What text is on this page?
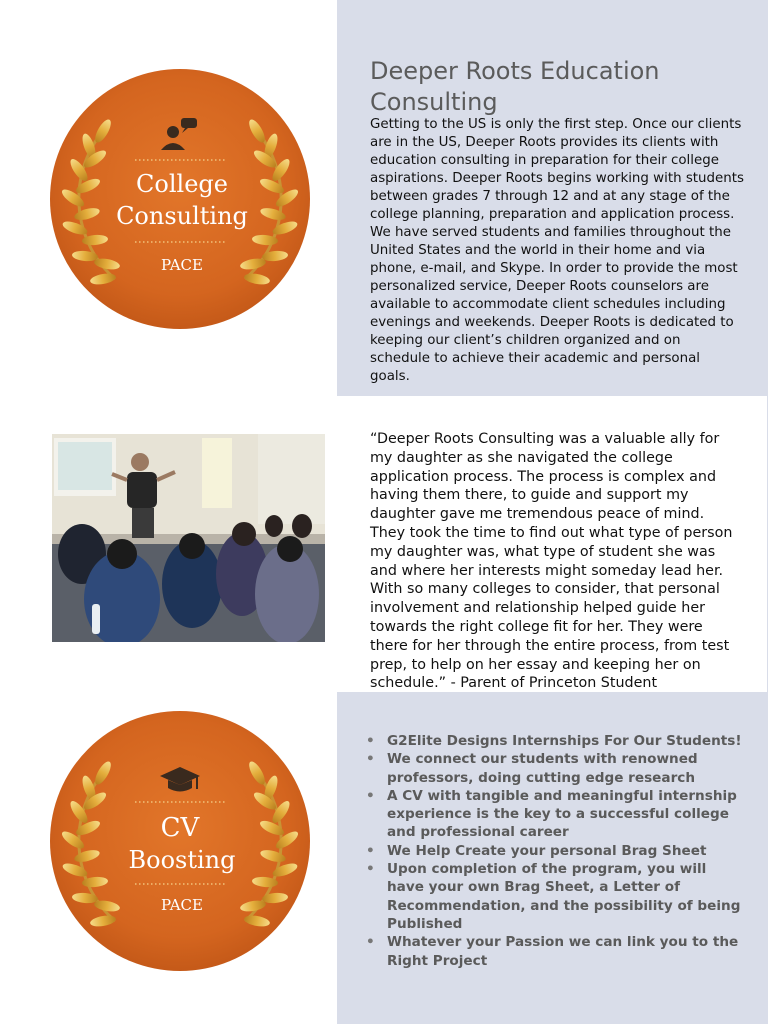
College
Consulting
PACE
Deeper Roots Education Consulting
Getting to the US is only the first step. Once our clients are in the US, Deeper Roots provides its clients with education consulting in preparation for their college aspirations. Deeper Roots begins working with students between grades 7 through 12 and at any stage of the college planning, preparation and application process. We have served students and families throughout the United States and the world in their home and via phone, e-mail, and Skype. In order to provide the most personalized service, Deeper Roots counselors are available to accommodate client schedules including evenings and weekends. Deeper Roots is dedicated to keeping our client’s children organized and on schedule to achieve their academic and personal goals.
“Deeper Roots Consulting was a valuable ally for my daughter as she navigated the college application process. The process is complex and having them there, to guide and support my daughter gave me tremendous peace of mind. They took the time to find out what type of person my daughter was, what type of student she was and where her interests might someday lead her. With so many colleges to consider, that personal involvement and relationship helped guide her towards the right college fit for her. They were there for her through the entire process, from test prep, to help on her essay and keeping her on schedule.” - Parent of Princeton Student
CV
Boosting
PACE
• G2Elite Designs Internships For Our Students!
• We connect our students with renowned professors, doing cutting edge research
• A CV with tangible and meaningful internship experience is the key to a successful college and professional career
• We Help Create your personal Brag Sheet
• Upon completion of the program, you will have your own Brag Sheet, a Letter of Recommendation, and the possibility of being Published
• Whatever your Passion we can link you to the Right Project
